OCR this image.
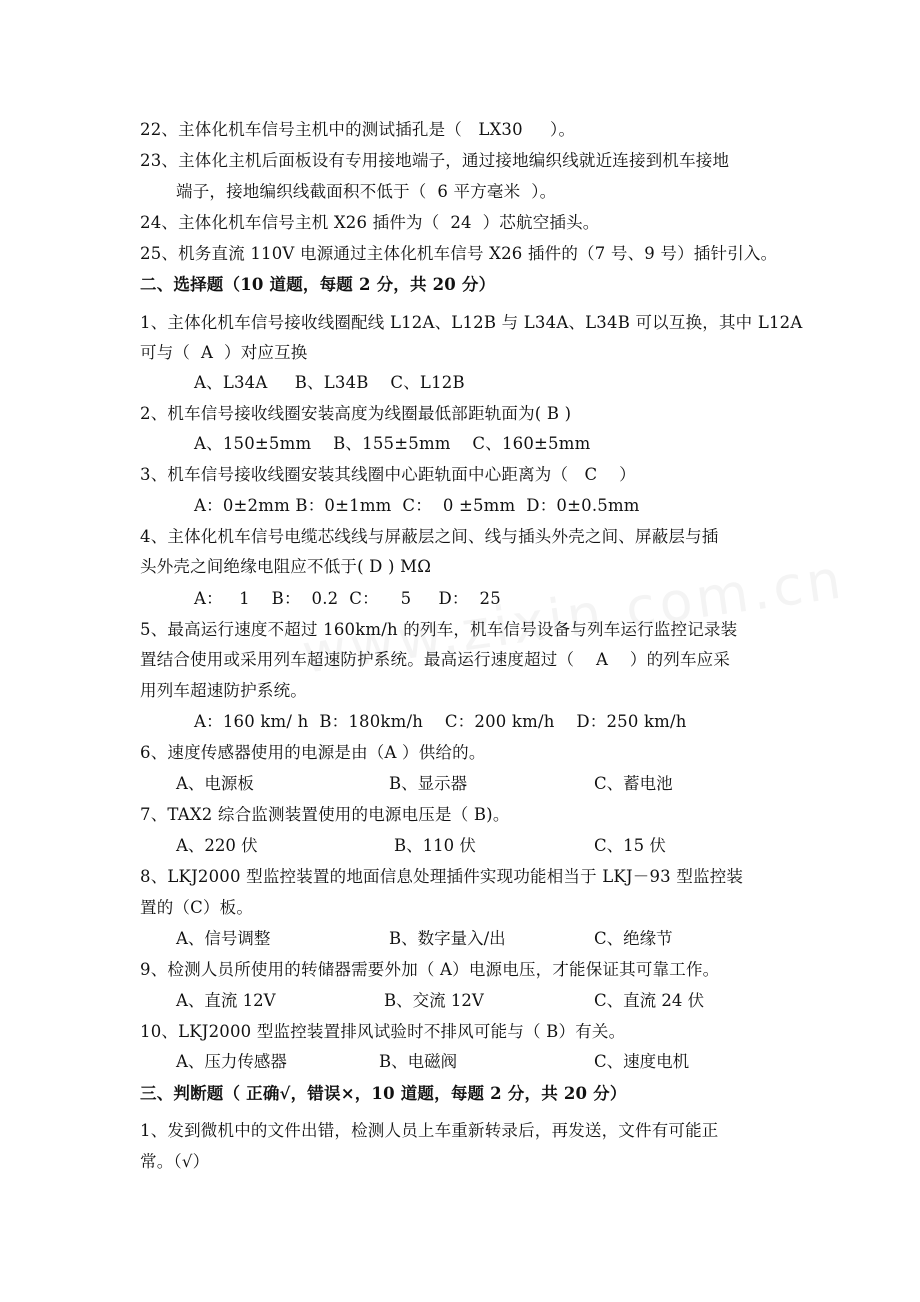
22、主体化机车信号主机中的测试插孔是（   LX30     ）。
23、主体化主机后面板设有专用接地端子，通过接地编织线就近连接到机车接地
端子，接地编织线截面积不低于（  6 平方毫米  ）。
24、主体化机车信号主机 X26 插件为（  24  ）芯航空插头。
25、机务直流 110V 电源通过主体化机车信号 X26 插件的（7 号、9 号）插针引入。
二、选择题（10 道题，每题 2 分，共 20 分）
1、主体化机车信号接收线圈配线 L12A、L12B 与 L34A、L34B 可以互换，其中 L12A
可与（  A  ）对应互换
A、L34A     B、L34B    C、L12B
2、机车信号接收线圈安装高度为线圈最低部距轨面为( B )
A、150±5mm    B、155±5mm    C、160±5mm
3、机车信号接收线圈安装其线圈中心距轨面中心距离为（   C    ）
A：0±2mm B：0±1mm  C：  0 ±5mm  D：0±0.5mm
4、主体化机车信号电缆芯线线与屏蔽层之间、线与插头外壳之间、屏蔽层与插
头外壳之间绝缘电阻应不低于( D ) MΩ
A：   1    B：  0.2  C：    5     D：  25
5、最高运行速度不超过 160km/h 的列车，机车信号设备与列车运行监控记录装
置结合使用或采用列车超速防护系统。最高运行速度超过（    A    ）的列车应采
用列车超速防护系统。
A：160 km/ h  B：180km/h    C：200 km/h    D：250 km/h
6、速度传感器使用的电源是由（A ）供给的。
A、电源板	B、显示器	C、蓄电池
7、TAX2 综合监测装置使用的电源电压是（ B)。
A、220 伏	B、110 伏	C、15 伏
8、LKJ2000 型监控装置的地面信息处理插件实现功能相当于 LKJ－93 型监控装
置的（C）板。
A、信号调整	B、数字量入/出	C、绝缘节
9、检测人员所使用的转储器需要外加（ A）电源电压，才能保证其可靠工作。
A、直流 12V	B、交流 12V	C、直流 24 伏
10、LKJ2000 型监控装置排风试验时不排风可能与（ B）有关。
A、压力传感器	B、电磁阀	C、速度电机
三、判断题（ 正确√，错误×，10 道题，每题 2 分，共 20 分）
1、发到微机中的文件出错，检测人员上车重新转录后，再发送，文件有可能正
常。（√）
